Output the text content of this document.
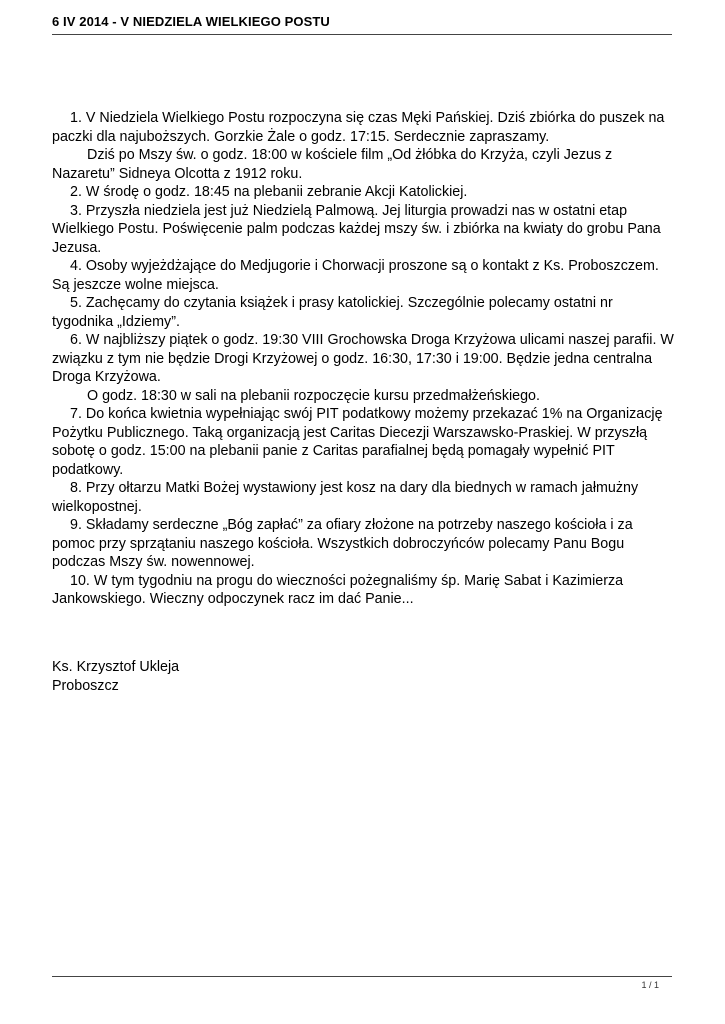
6 IV 2014 - V NIEDZIELA WIELKIEGO POSTU

1. V Niedziela Wielkiego Postu rozpoczyna się czas Męki Pańskiej. Dziś zbiórka do puszek na paczki dla najuboższych. Gorzkie Żale o godz. 17:15. Serdecznie zapraszamy.

Dziś po Mszy św. o godz. 18:00 w kościele film „Od żłóbka do Krzyża, czyli Jezus z Nazaretu” Sidneya Olcotta z 1912 roku.

2. W środę o godz. 18:45 na plebanii zebranie Akcji Katolickiej.

3. Przyszła niedziela jest już Niedzielą Palmową. Jej liturgia prowadzi nas w ostatni etap Wielkiego Postu. Poświęcenie palm podczas każdej mszy św. i zbiórka na kwiaty do grobu Pana Jezusa.

4. Osoby wyjeżdżające do Medjugorie i Chorwacji proszone są o kontakt z Ks. Proboszczem. Są jeszcze wolne miejsca.

5. Zachęcamy do czytania książek i prasy katolickiej. Szczególnie polecamy ostatni nr tygodnika „Idziemy”.

6. W najbliższy piątek o godz. 19:30 VIII Grochowska Droga Krzyżowa ulicami naszej parafii. W związku z tym nie będzie Drogi Krzyżowej o godz. 16:30, 17:30 i 19:00. Będzie jedna centralna Droga Krzyżowa.

O godz. 18:30 w sali na plebanii rozpoczęcie kursu przedmałżeńskiego.

7. Do końca kwietnia wypełniając swój PIT podatkowy możemy przekazać 1% na Organizację Pożytku Publicznego. Taką organizacją jest Caritas Diecezji Warszawsko-Praskiej. W przyszłą sobotę o godz. 15:00 na plebanii panie z Caritas parafialnej będą pomagały wypełnić PIT podatkowy.

8. Przy ołtarzu Matki Bożej wystawiony jest kosz na dary dla biednych w ramach jałmużny wielkopostnej.

9. Składamy serdeczne „Bóg zapłać” za ofiary złożone na potrzeby naszego kościoła i za pomoc przy sprzątaniu naszego kościoła. Wszystkich dobroczyńców polecamy Panu Bogu podczas Mszy św. nowennowej.

10. W tym tygodniu na progu do wieczności pożegnaliśmy śp. Marię Sabat i Kazimierza Jankowskiego. Wieczny odpoczynek racz im dać Panie...

Ks. Krzysztof Ukleja
Proboszcz
1 / 1
